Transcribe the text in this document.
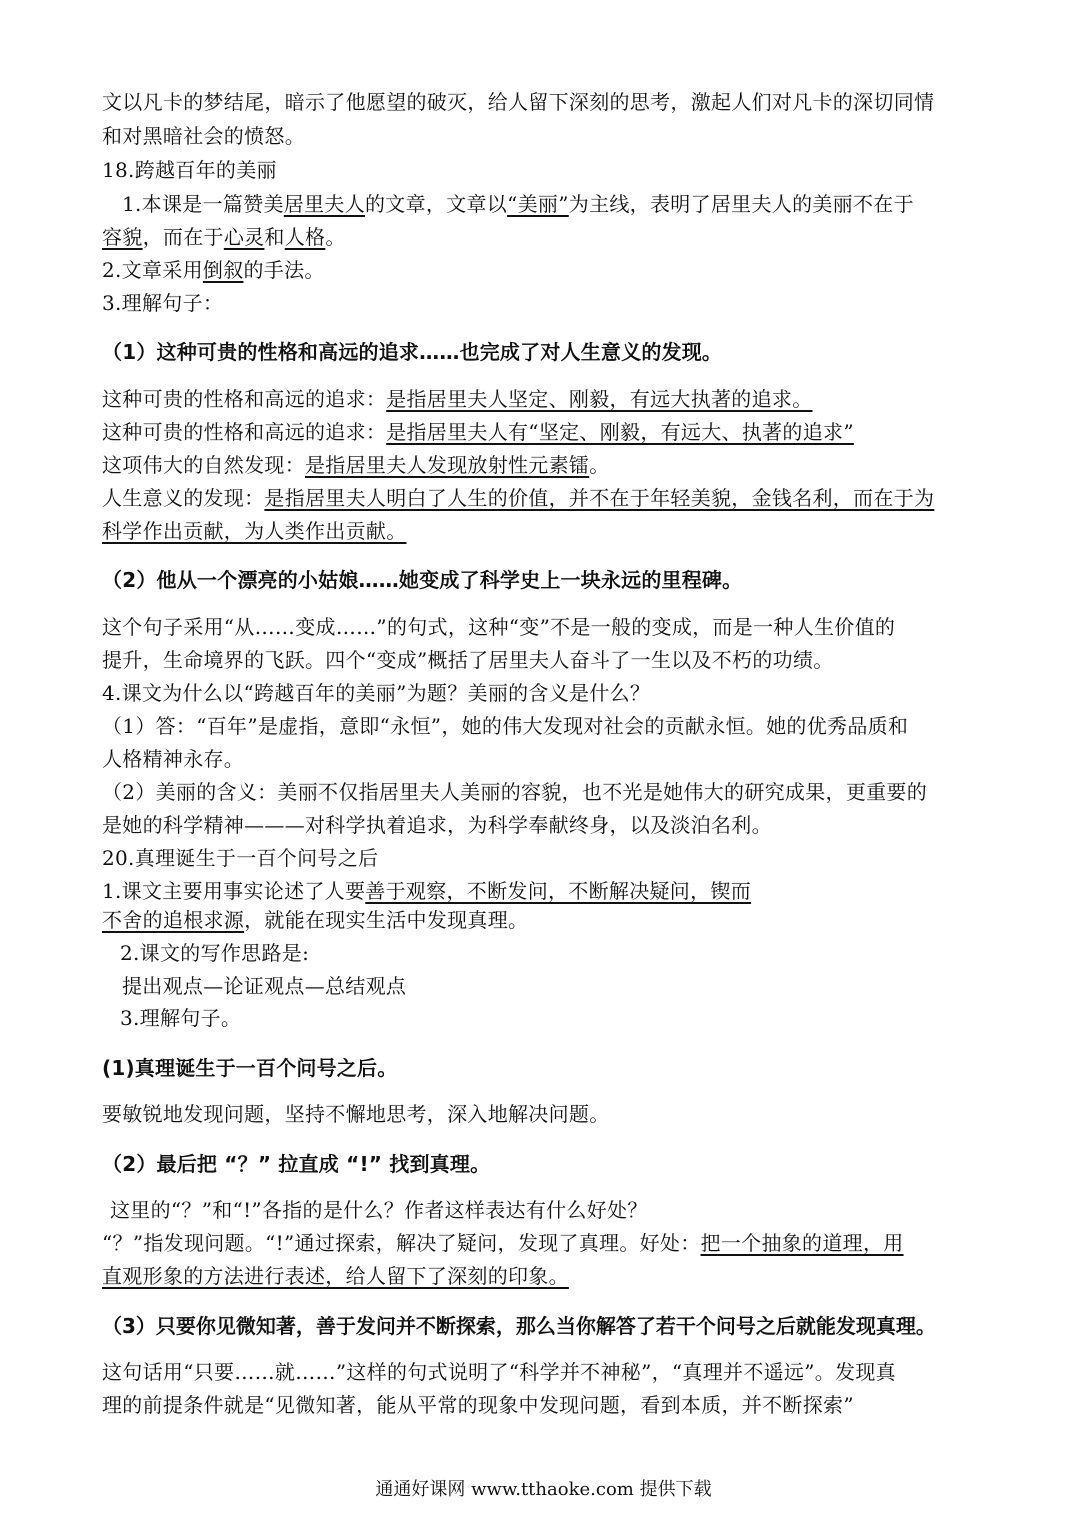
文以凡卡的梦结尾，暗示了他愿望的破灭，给人留下深刻的思考，激起人们对凡卡的深切同情
和对黑暗社会的愤怒。
18.跨越百年的美丽
1.本课是一篇赞美居里夫人的文章，文章以“美丽”为主线，表明了居里夫人的美丽不在于
容貌，而在于心灵和人格。
2.文章采用倒叙的手法。
3.理解句子：
（1）这种可贵的性格和高远的追求……也完成了对人生意义的发现。
这种可贵的性格和高远的追求：是指居里夫人坚定、刚毅，有远大执著的追求。
这种可贵的性格和高远的追求：是指居里夫人有“坚定、刚毅，有远大、执著的追求”
这项伟大的自然发现：是指居里夫人发现放射性元素镭。
人生意义的发现：是指居里夫人明白了人生的价值，并不在于年轻美貌，金钱名利，而在于为
科学作出贡献，为人类作出贡献。
（2）他从一个漂亮的小姑娘……她变成了科学史上一块永远的里程碑。
这个句子采用“从……变成……”的句式，这种“变”不是一般的变成，而是一种人生价值的
提升，生命境界的飞跃。四个“变成”概括了居里夫人奋斗了一生以及不朽的功绩。
4.课文为什么以“跨越百年的美丽”为题？美丽的含义是什么？
（1）答：“百年”是虚指，意即“永恒”，她的伟大发现对社会的贡献永恒。她的优秀品质和
人格精神永存。
（2）美丽的含义：美丽不仅指居里夫人美丽的容貌，也不光是她伟大的研究成果，更重要的
是她的科学精神———对科学执着追求，为科学奉献终身，以及淡泊名利。
20.真理诞生于一百个问号之后
1.课文主要用事实论述了人要善于观察，不断发问，不断解决疑问，锲而
不舍的追根求源，就能在现实生活中发现真理。
2.课文的写作思路是:
提出观点—论证观点—总结观点
3.理解句子。
(1)真理诞生于一百个问号之后。
要敏锐地发现问题，坚持不懈地思考，深入地解决问题。
（2）最后把 “？” 拉直成 “!” 找到真理。
这里的“？”和“!”各指的是什么？作者这样表达有什么好处？
“？”指发现问题。“!”通过探索，解决了疑问，发现了真理。好处：把一个抽象的道理，用
直观形象的方法进行表述，给人留下了深刻的印象。
（3）只要你见微知著，善于发问并不断探索，那么当你解答了若干个问号之后就能发现真理。
这句话用“只要……就……”这样的句式说明了“科学并不神秘”，“真理并不遥远”。发现真
理的前提条件就是“见微知著，能从平常的现象中发现问题，看到本质，并不断探索”
通通好课网 www.tthaoke.com 提供下载
